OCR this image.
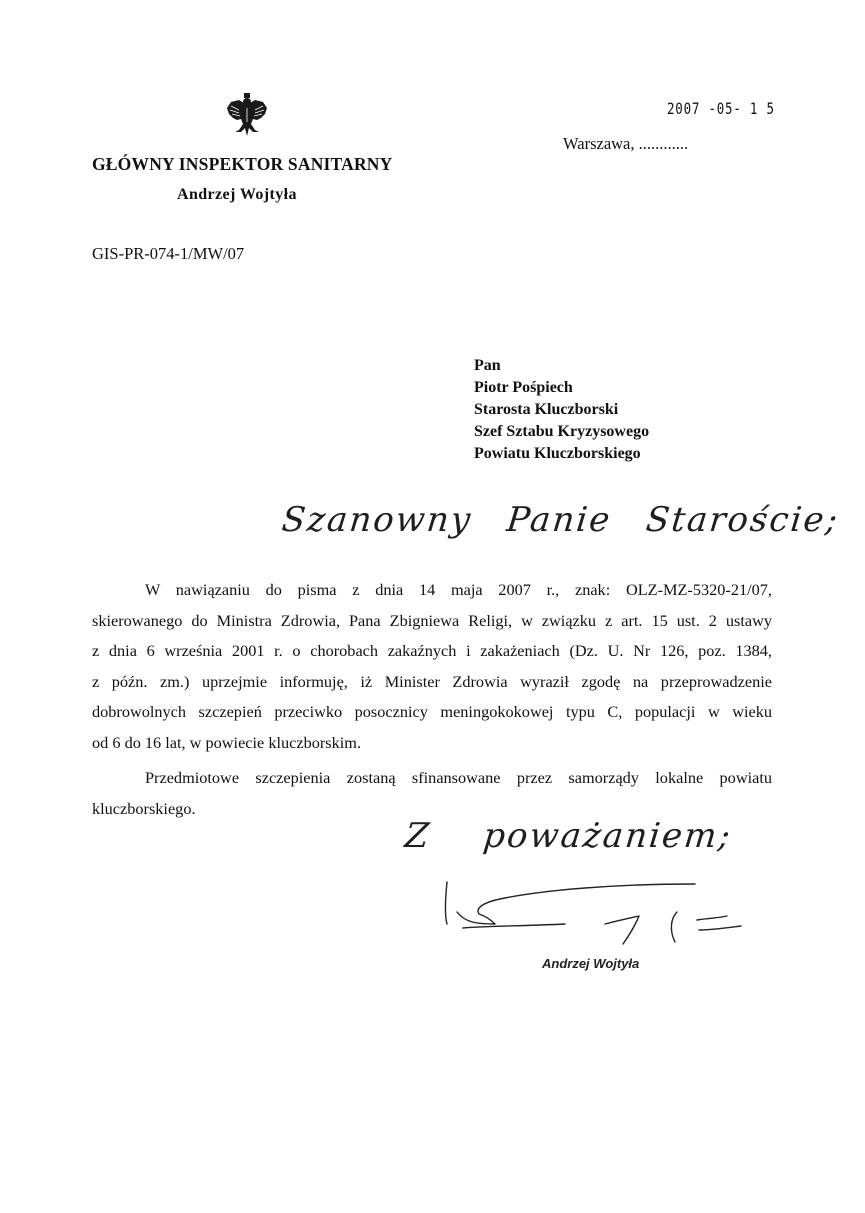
GŁÓWNY INSPEKTOR SANITARNY
Andrzej Wojtyła
GIS-PR-074-1/MW/07
2007 -05- 1 5
Warszawa, ............
Pan
Piotr Pośpiech
Starosta Kluczborski
Szef Sztabu Kryzysowego
Powiatu Kluczborskiego
Szanowny Panie Staroście;
W nawiązaniu do pisma z dnia 14 maja 2007 r., znak: OLZ-MZ-5320-21/07,
skierowanego do Ministra Zdrowia, Pana Zbigniewa Religi, w związku z art. 15 ust. 2 ustawy
z dnia 6 września 2001 r. o chorobach zakaźnych i zakażeniach (Dz. U. Nr 126, poz. 1384,
z późn. zm.) uprzejmie informuję, iż Minister Zdrowia wyraził zgodę na przeprowadzenie
dobrowolnych szczepień przeciwko posocznicy meningokokowej typu C, populacji w wieku
od 6 do 16 lat, w powiecie kluczborskim.
Przedmiotowe szczepienia zostaną sfinansowane przez samorządy lokalne powiatu
kluczborskiego.
Z poważaniem;
Andrzej Wojtyła
